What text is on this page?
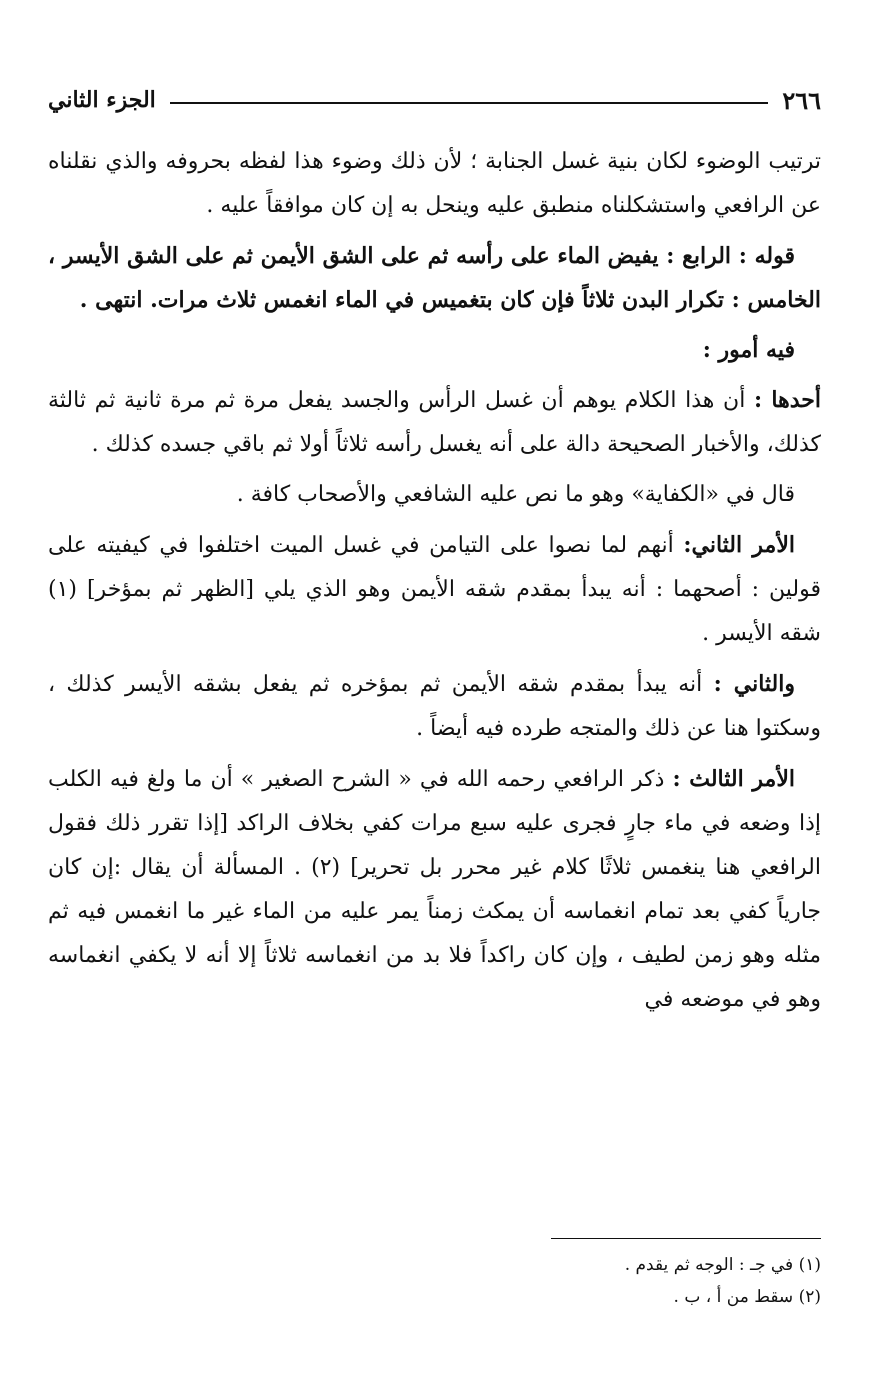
٢٦٦
الجزء الثاني

ترتيب الوضوء لكان بنية غسل الجنابة ؛ لأن ذلك وضوء هذا لفظه بحروفه والذي نقلناه عن الرافعي واستشكلناه منطبق عليه وينحل به إن كان موافقاً عليه .

قوله : الرابع : يفيض الماء على رأسه ثم على الشق الأيمن ثم على الشق الأيسر ، الخامس : تكرار البدن ثلاثاً فإن كان بتغميس في الماء انغمس ثلاث مرات. انتهى .

فيه أمور :

أحدها : أن هذا الكلام يوهم أن غسل الرأس والجسد يفعل مرة ثم مرة ثانية ثم ثالثة كذلك، والأخبار الصحيحة دالة على أنه يغسل رأسه ثلاثاً أولا ثم باقي جسده كذلك .

قال في «الكفاية» وهو ما نص عليه الشافعي والأصحاب كافة .

الأمر الثاني: أنهم لما نصوا على التيامن في غسل الميت اختلفوا في كيفيته على قولين : أصحهما : أنه يبدأ بمقدم شقه الأيمن وهو الذي يلي [الظهر ثم بمؤخر] (١) شقه الأيسر .

والثاني : أنه يبدأ بمقدم شقه الأيمن ثم بمؤخره ثم يفعل بشقه الأيسر كذلك ، وسكتوا هنا عن ذلك والمتجه طرده فيه أيضاً .

الأمر الثالث : ذكر الرافعي رحمه الله في « الشرح الصغير » أن ما ولغ فيه الكلب إذا وضعه في ماء جارٍ فجرى عليه سبع مرات كفي بخلاف الراكد [إذا تقرر ذلك فقول الرافعي هنا ينغمس ثلاثًا كلام غير محرر بل تحرير] (٢) . المسألة أن يقال :إن كان جارياً كفي بعد تمام انغماسه أن يمكث زمناً يمر عليه من الماء غير ما انغمس فيه ثم مثله وهو زمن لطيف ، وإن كان راكداً فلا بد من انغماسه ثلاثاً إلا أنه لا يكفي انغماسه وهو في موضعه في

(١) في جـ : الوجه ثم يقدم .

(٢) سقط من أ ، ب .
